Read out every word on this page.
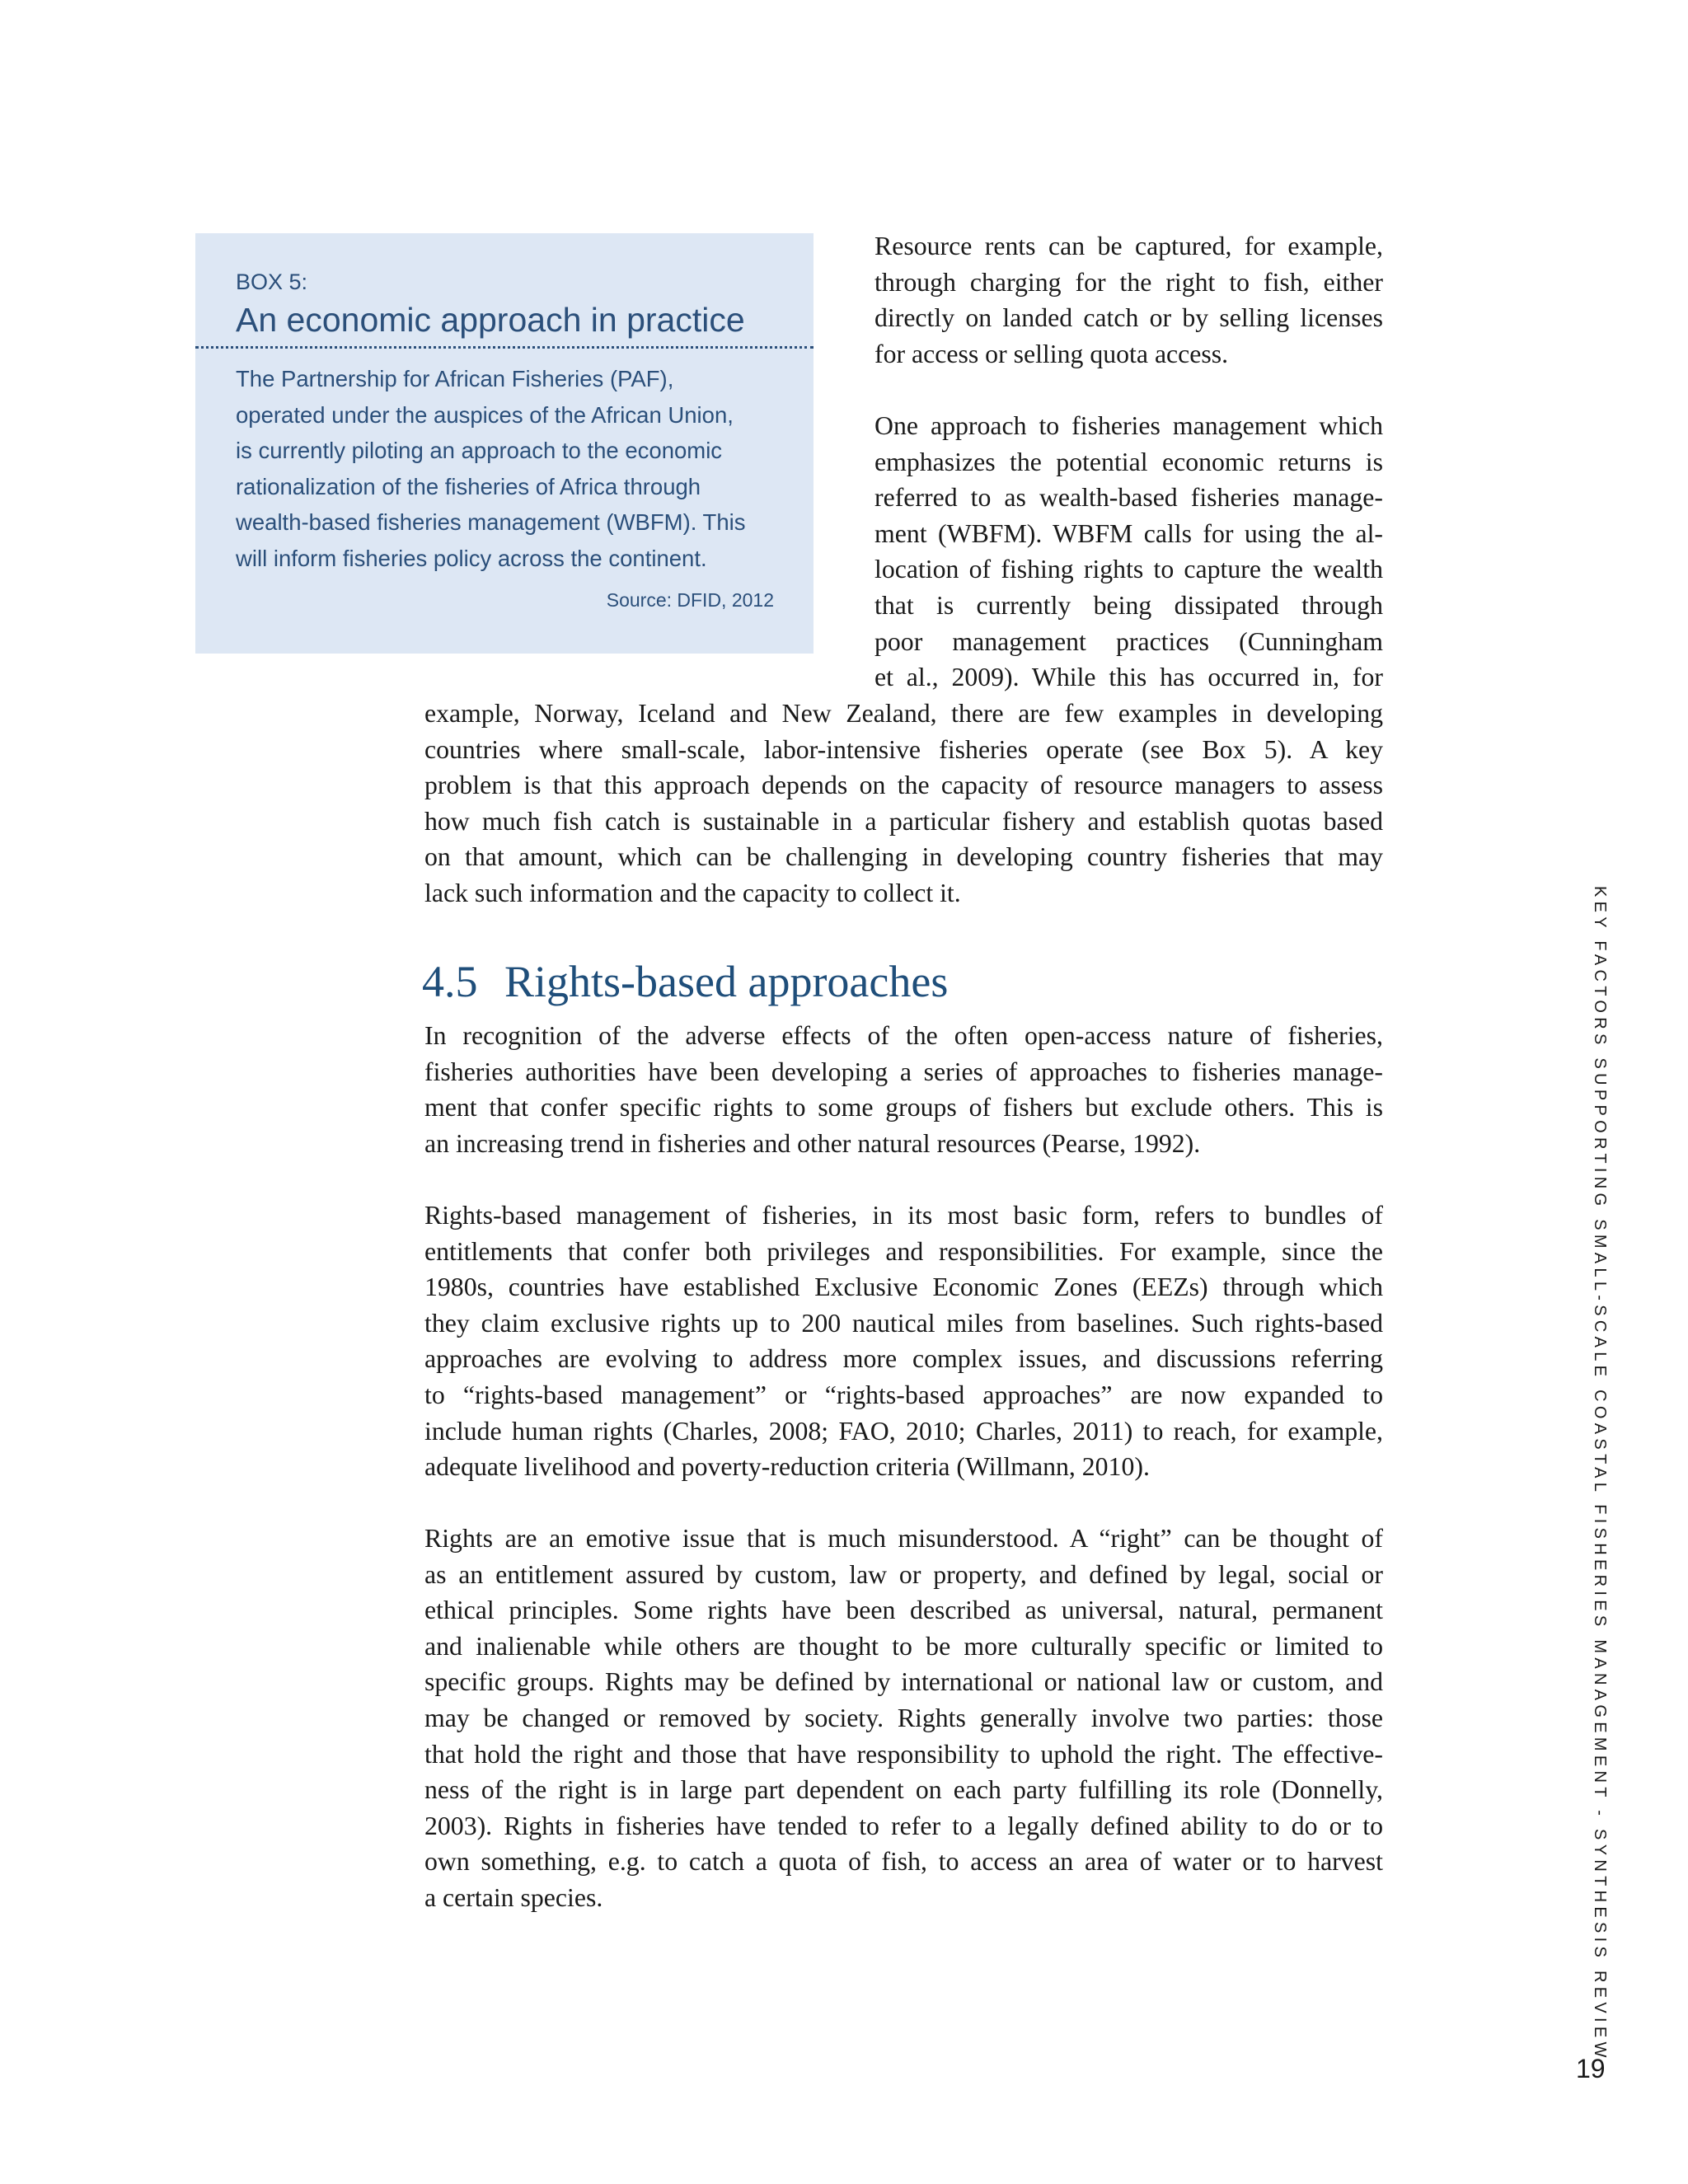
BOX 5:
An economic approach in practice
The Partnership for African Fisheries (PAF),
operated under the auspices of the African Union,
is currently piloting an approach to the economic
rationalization of the fisheries of Africa through
wealth-based fisheries management (WBFM). This
will inform fisheries policy across the continent.
Source: DFID, 2012
Resource rents can be captured, for example,
through charging for the right to fish, either
directly on landed catch or by selling licenses
for access or selling quota access.
One approach to fisheries management which
emphasizes the potential economic returns is
referred to as wealth-based fisheries manage-
ment (WBFM). WBFM calls for using the al-
location of fishing rights to capture the wealth
that is currently being dissipated through
poor management practices (Cunningham
et al., 2009). While this has occurred in, for
example, Norway, Iceland and New Zealand, there are few examples in developing
countries where small-scale, labor-intensive fisheries operate (see Box 5). A key
problem is that this approach depends on the capacity of resource managers to assess
how much fish catch is sustainable in a particular fishery and establish quotas based
on that amount, which can be challenging in developing country fisheries that may
lack such information and the capacity to collect it.
4.5 Rights-based approaches
In recognition of the adverse effects of the often open-access nature of fisheries,
fisheries authorities have been developing a series of approaches to fisheries manage-
ment that confer specific rights to some groups of fishers but exclude others. This is
an increasing trend in fisheries and other natural resources (Pearse, 1992).
Rights-based management of fisheries, in its most basic form, refers to bundles of
entitlements that confer both privileges and responsibilities. For example, since the
1980s, countries have established Exclusive Economic Zones (EEZs) through which
they claim exclusive rights up to 200 nautical miles from baselines. Such rights-based
approaches are evolving to address more complex issues, and discussions referring
to “rights-based management” or “rights-based approaches” are now expanded to
include human rights (Charles, 2008; FAO, 2010; Charles, 2011) to reach, for example,
adequate livelihood and poverty-reduction criteria (Willmann, 2010).
Rights are an emotive issue that is much misunderstood. A “right” can be thought of
as an entitlement assured by custom, law or property, and defined by legal, social or
ethical principles. Some rights have been described as universal, natural, permanent
and inalienable while others are thought to be more culturally specific or limited to
specific groups. Rights may be defined by international or national law or custom, and
may be changed or removed by society. Rights generally involve two parties: those
that hold the right and those that have responsibility to uphold the right. The effective-
ness of the right is in large part dependent on each party fulfilling its role (Donnelly,
2003). Rights in fisheries have tended to refer to a legally defined ability to do or to
own something, e.g. to catch a quota of fish, to access an area of water or to harvest
a certain species.	KEY FACTORS SUPPORTING SMALL-SCALE COASTAL FISHERIES MANAGEMENT - SYNTHESIS REVIEW
19
